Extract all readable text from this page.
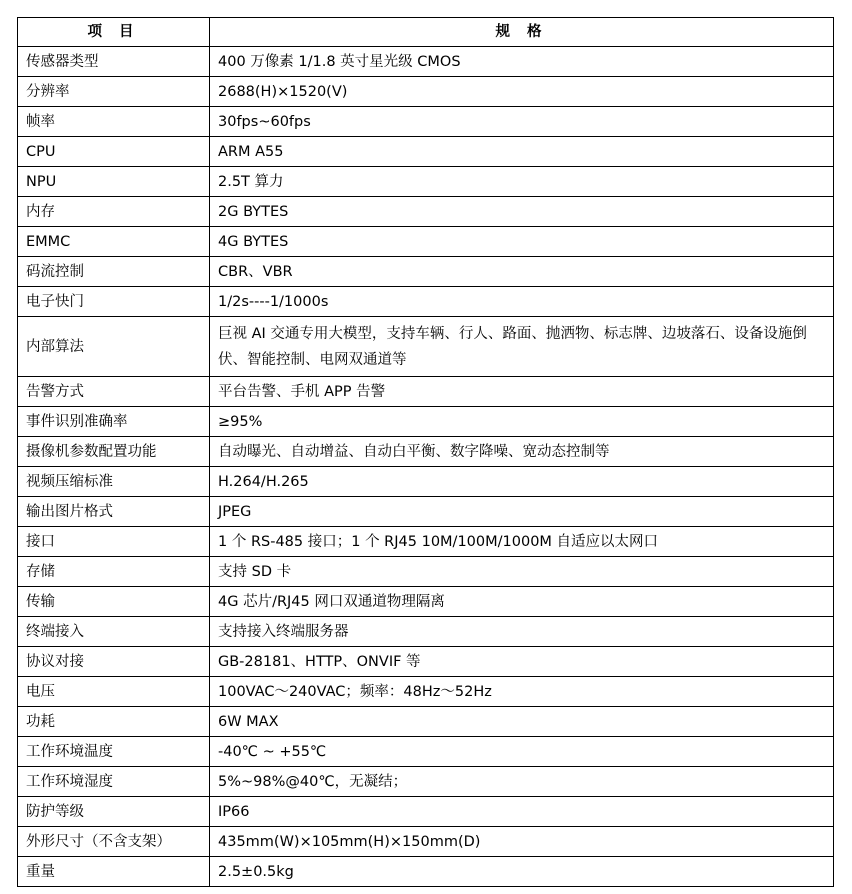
项 目	规 格
传感器类型	400 万像素 1/1.8 英寸星光级 CMOS
分辨率	2688(H)×1520(V)
帧率	30fps~60fps
CPU	ARM A55
NPU	2.5T 算力
内存	2G BYTES
EMMC	4G BYTES
码流控制	CBR、VBR
电子快门	1/2s----1/1000s
内部算法	巨视 AI 交通专用大模型，支持车辆、行人、路面、抛洒物、标志牌、边坡落石、设备设施倒伏、智能控制、电网双通道等
告警方式	平台告警、手机 APP 告警
事件识别准确率	≥95%
摄像机参数配置功能	自动曝光、自动增益、自动白平衡、数字降噪、宽动态控制等
视频压缩标准	H.264/H.265
输出图片格式	JPEG
接口	1 个 RS-485 接口；1 个 RJ45 10M/100M/1000M 自适应以太网口
存储	支持 SD 卡
传输	4G 芯片/RJ45 网口双通道物理隔离
终端接入	支持接入终端服务器
协议对接	GB-28181、HTTP、ONVIF 等
电压	100VAC～240VAC；频率：48Hz～52Hz
功耗	6W MAX
工作环境温度	-40℃ ~ +55℃
工作环境湿度	5%~98%@40℃，无凝结；
防护等级	IP66
外形尺寸（不含支架）	435mm(W)×105mm(H)×150mm(D)
重量	2.5±0.5kg
